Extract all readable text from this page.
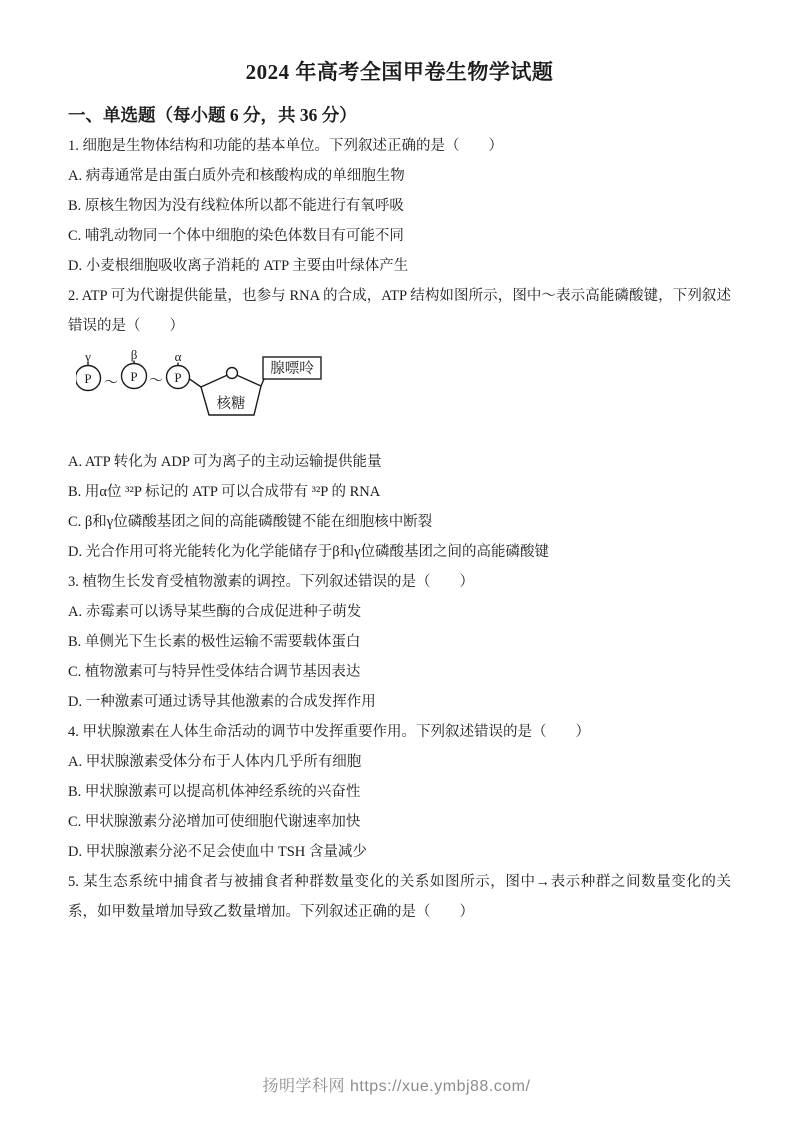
2024 年高考全国甲卷生物学试题
一、单选题（每小题 6 分，共 36 分）

1. 细胞是生物体结构和功能的基本单位。下列叙述正确的是（　　）

A. 病毒通常是由蛋白质外壳和核酸构成的单细胞生物

B. 原核生物因为没有线粒体所以都不能进行有氧呼吸

C. 哺乳动物同一个体中细胞的染色体数目有可能不同

D. 小麦根细胞吸收离子消耗的 ATP 主要由叶绿体产生

2. ATP 可为代谢提供能量，也参与 RNA 的合成，ATP 结构如图所示，图中～表示高能磷酸键，下列叙述错误的是（　　）

γ
P ～
β
P ～
α
P
核糖
腺嘌呤

A. ATP 转化为 ADP 可为离子的主动运输提供能量

B. 用α位 ³²P 标记的 ATP 可以合成带有 ³²P 的 RNA

C. β和γ位磷酸基团之间的高能磷酸键不能在细胞核中断裂

D. 光合作用可将光能转化为化学能储存于β和γ位磷酸基团之间的高能磷酸键

3. 植物生长发育受植物激素的调控。下列叙述错误的是（　　）

A. 赤霉素可以诱导某些酶的合成促进种子萌发

B. 单侧光下生长素的极性运输不需要载体蛋白

C. 植物激素可与特异性受体结合调节基因表达

D. 一种激素可通过诱导其他激素的合成发挥作用

4. 甲状腺激素在人体生命活动的调节中发挥重要作用。下列叙述错误的是（　　）

A. 甲状腺激素受体分布于人体内几乎所有细胞

B. 甲状腺激素可以提高机体神经系统的兴奋性

C. 甲状腺激素分泌增加可使细胞代谢速率加快

D. 甲状腺激素分泌不足会使血中 TSH 含量减少

5. 某生态系统中捕食者与被捕食者种群数量变化的关系如图所示，图中→表示种群之间数量变化的关系，如甲数量增加导致乙数量增加。下列叙述正确的是（　　）

扬明学科网 https://xue.ymbj88.com/
